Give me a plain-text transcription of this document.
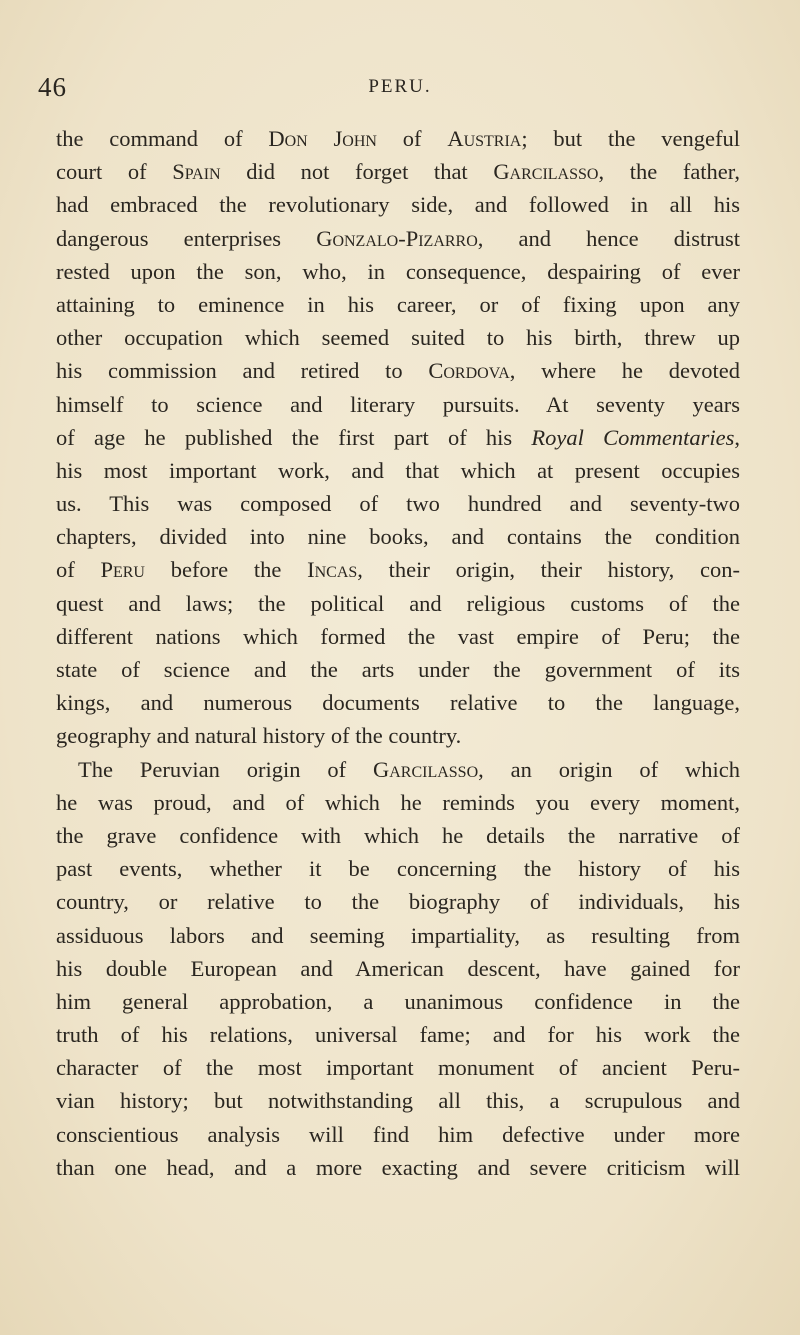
46	PERU.
the command of Don John of Austria; but the vengeful
court of Spain did not forget that Garcilasso, the father,
had embraced the revolutionary side, and followed in all his
dangerous enterprises Gonzalo-Pizarro, and hence distrust
rested upon the son, who, in consequence, despairing of ever
attaining to eminence in his career, or of fixing upon any
other occupation which seemed suited to his birth, threw up
his commission and retired to Cordova, where he devoted
himself to science and literary pursuits. At seventy years
of age he published the first part of his Royal Commentaries,
his most important work, and that which at present occupies
us. This was composed of two hundred and seventy-two
chapters, divided into nine books, and contains the condition
of Peru before the Incas, their origin, their history, con-
quest and laws; the political and religious customs of the
different nations which formed the vast empire of Peru; the
state of science and the arts under the government of its
kings, and numerous documents relative to the language,
geography and natural history of the country.
The Peruvian origin of Garcilasso, an origin of which
he was proud, and of which he reminds you every moment,
the grave confidence with which he details the narrative of
past events, whether it be concerning the history of his
country, or relative to the biography of individuals, his
assiduous labors and seeming impartiality, as resulting from
his double European and American descent, have gained for
him general approbation, a unanimous confidence in the
truth of his relations, universal fame; and for his work the
character of the most important monument of ancient Peru-
vian history; but notwithstanding all this, a scrupulous and
conscientious analysis will find him defective under more
than one head, and a more exacting and severe criticism will
